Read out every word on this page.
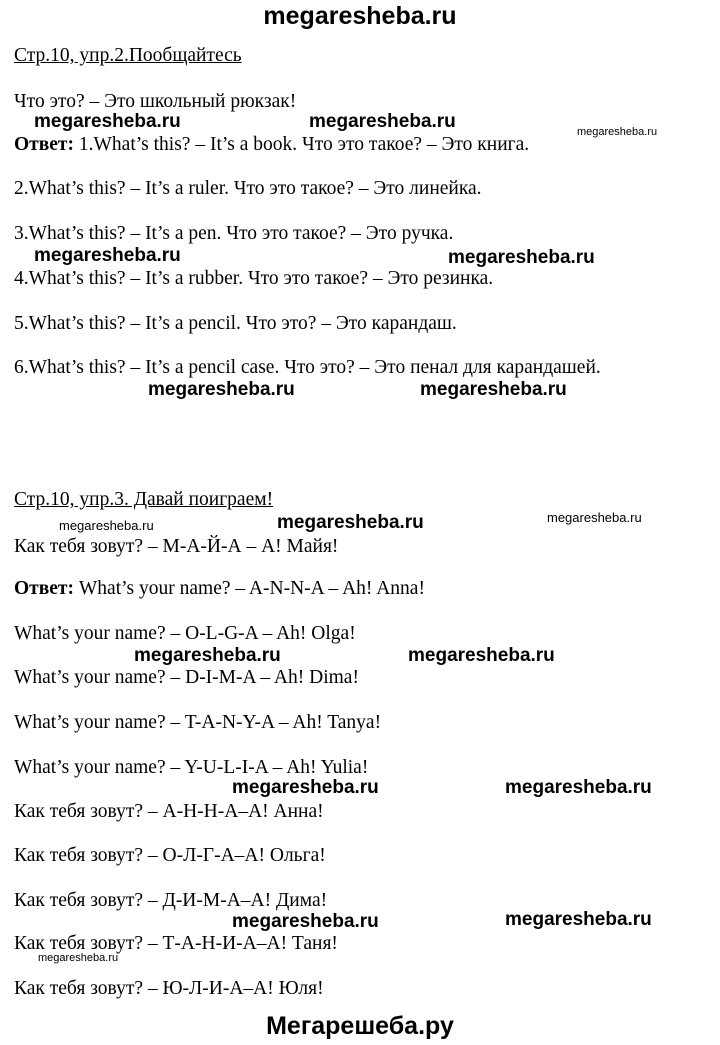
megaresheba.ru
Стр.10, упр.2.Пообщайтесь
Что это? – Это школьный рюкзак!
Ответ: 1.What’s this? – It’s a book. Что это такое? – Это книга.
2.What’s this? – It’s a ruler. Что это такое? – Это линейка.
3.What’s this? – It’s a pen. Что это такое? – Это ручка.
4.What’s this? – It’s a rubber. Что это такое? – Это резинка.
5.What’s this? – It’s a pencil. Что это? – Это карандаш.
6.What’s this? – It’s a pencil case. Что это? – Это пенал для карандашей.
Стр.10, упр.3. Давай поиграем!
Как тебя зовут? – М-А-Й-А – А! Майя!
Ответ: What’s your name? – A-N-N-A – Ah! Anna!
What’s your name? – O-L-G-A – Ah! Olga!
What’s your name? – D-I-M-A – Ah! Dima!
What’s your name? – T-A-N-Y-A – Ah! Tanya!
What’s your name? – Y-U-L-I-A – Ah! Yulia!
Как тебя зовут? – А-Н-Н-А–А! Анна!
Как тебя зовут? – О-Л-Г-А–А! Ольга!
Как тебя зовут? – Д-И-М-А–А! Дима!
Как тебя зовут? – Т-А-Н-И-А–А! Таня!
Как тебя зовут? – Ю-Л-И-А–А! Юля!
megaresheba.ru	megaresheba.ru	megaresheba.ru
megaresheba.ru	megaresheba.ru
megaresheba.ru	megaresheba.ru
megaresheba.ru	megaresheba.ru	megaresheba.ru
megaresheba.ru	megaresheba.ru
megaresheba.ru	megaresheba.ru
megaresheba.ru	megaresheba.ru
megaresheba.ru
Мегарешеба.ру
